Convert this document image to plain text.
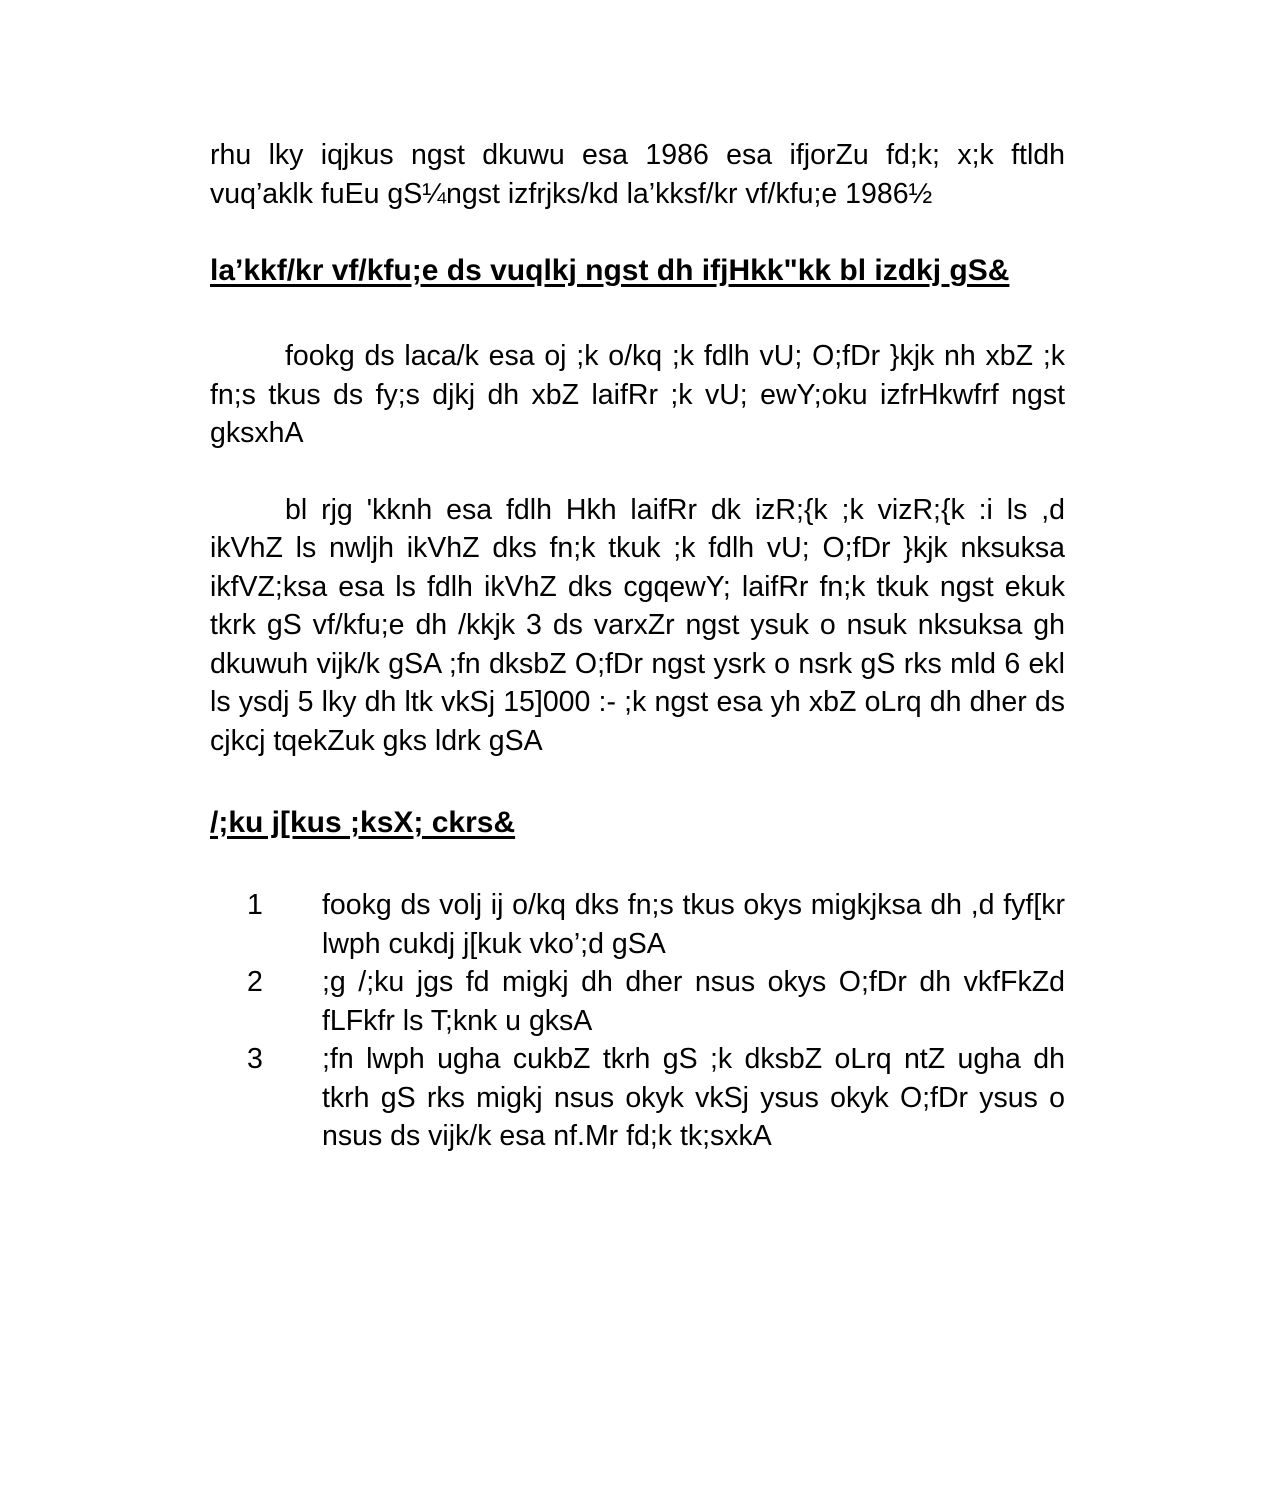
rhu lky iqjkus ngst dkuwu esa 1986 esa ifjorZu fd;k; x;k ftldh vuq’aklk fuEu gS¼ngst izfrjks/kd la’kksf/kr vf/kfu;e 1986½

la’kkf/kr vf/kfu;e ds vuqlkj ngst dh ifjHkk"kk bl izdkj gS&

fookg ds laca/k esa oj ;k o/kq ;k fdlh vU; O;fDr }kjk nh xbZ ;k fn;s tkus ds fy;s djkj dh xbZ laifRr ;k vU; ewY;oku izfrHkwfrf ngst gksxhA

bl rjg 'kknh esa fdlh Hkh laifRr dk izR;{k ;k vizR;{k :i ls ,d ikVhZ ls nwljh ikVhZ dks fn;k tkuk ;k fdlh vU; O;fDr }kjk nksuksa ikfVZ;ksa esa ls fdlh ikVhZ dks cgqewY; laifRr fn;k tkuk ngst ekuk tkrk gS vf/kfu;e dh /kkjk 3 ds varxZr ngst ysuk o nsuk nksuksa gh dkuwuh vijk/k gSA ;fn dksbZ O;fDr ngst ysrk o nsrk gS rks mld 6 ekl ls ysdj 5 lky dh ltk vkSj 15]000 :- ;k ngst esa yh xbZ oLrq dh dher ds cjkcj tqekZuk gks ldrk gSA

/;ku j[kus ;ksX; ckrs&
1	fookg ds volj ij o/kq dks fn;s tkus okys migkjksa dh ,d fyf[kr lwph cukdj j[kuk vko’;d gSA
2	;g /;ku jgs fd migkj dh dher nsus okys O;fDr dh vkfFkZd fLFkfr ls T;knk u gksA
3	;fn lwph ugha cukbZ tkrh gS ;k dksbZ oLrq ntZ ugha dh tkrh gS rks migkj nsus okyk vkSj ysus okyk O;fDr ysus o nsus ds vijk/k esa nf.Mr fd;k tk;sxkA
